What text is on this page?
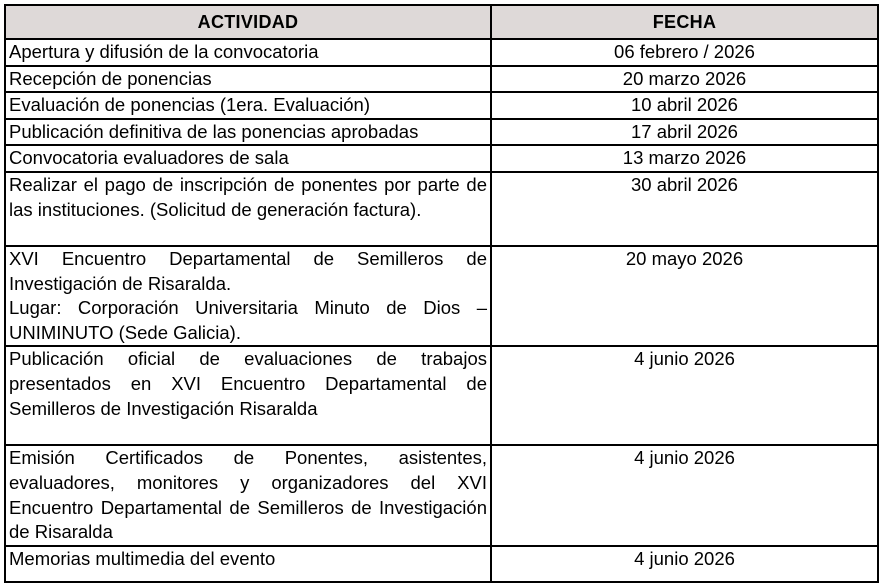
ACTIVIDAD	FECHA

Apertura y difusión de la convocatoria	06 febrero / 2026

Recepción de ponencias	20 marzo 2026

Evaluación de ponencias (1era. Evaluación)	10 abril 2026

Publicación definitiva de las ponencias aprobadas	17 abril 2026

Convocatoria evaluadores de sala	13 marzo 2026

Realizar el pago de inscripción de ponentes por parte de las instituciones. (Solicitud de generación factura).	30 abril 2026

XVI Encuentro Departamental de Semilleros de Investigación de Risaralda.
Lugar: Corporación Universitaria Minuto de Dios – UNIMINUTO (Sede Galicia).	20 mayo 2026

Publicación oficial de evaluaciones de trabajos presentados en XVI Encuentro Departamental de Semilleros de Investigación Risaralda	4 junio 2026

Emisión Certificados de Ponentes, asistentes, evaluadores, monitores y organizadores del XVI Encuentro Departamental de Semilleros de Investigación de Risaralda	4 junio 2026

Memorias multimedia del evento	4 junio 2026
